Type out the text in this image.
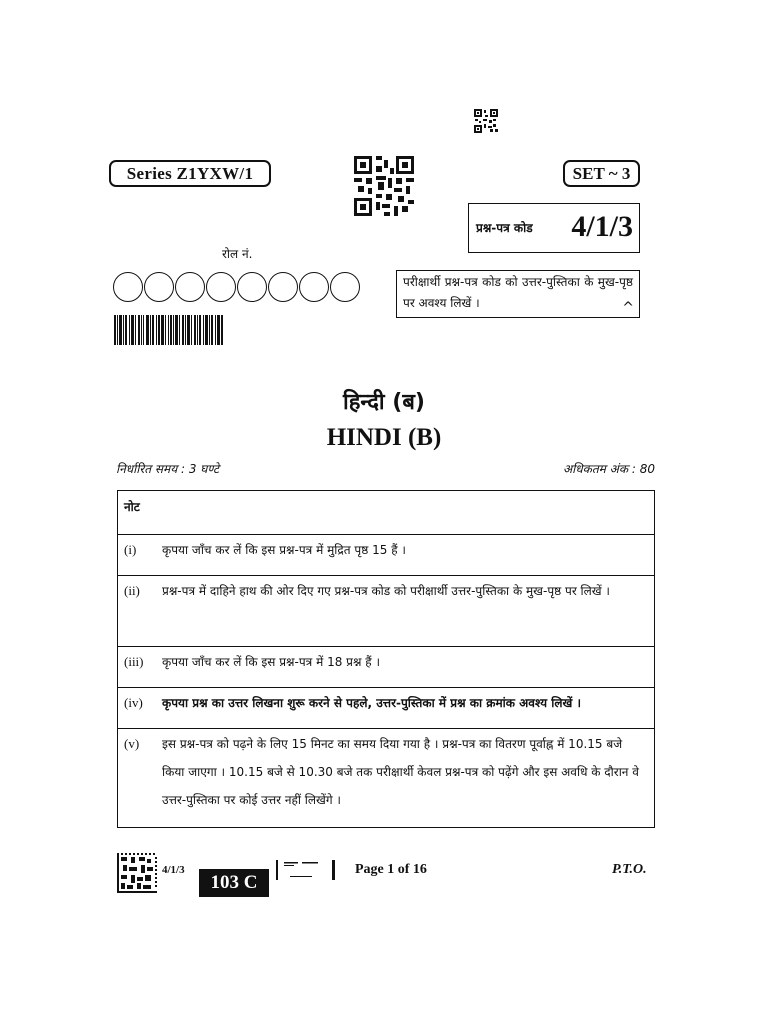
Series Z1YXW/1	SET ~ 3
प्रश्न-पत्र कोड 4/1/3
रोल नं.
परीक्षार्थी प्रश्न-पत्र कोड को उत्तर-पुस्तिका के मुख-पृष्ठ पर अवश्य लिखें ।	^
हिन्दी (ब)
HINDI (B)
निर्धारित समय : 3 घण्टे	अधिकतम अंक : 80
नोट

(i)	कृपया जाँच कर लें कि इस प्रश्न-पत्र में मुद्रित पृष्ठ 15 हैं ।

(ii)	प्रश्न-पत्र में दाहिने हाथ की ओर दिए गए प्रश्न-पत्र कोड को परीक्षार्थी उत्तर-पुस्तिका के मुख-पृष्ठ पर लिखें ।

(iii)	कृपया जाँच कर लें कि इस प्रश्न-पत्र में 18 प्रश्न हैं ।

(iv)	कृपया प्रश्न का उत्तर लिखना शुरू करने से पहले, उत्तर-पुस्तिका में प्रश्न का क्रमांक अवश्य लिखें ।

(v)	इस प्रश्न-पत्र को पढ़ने के लिए 15 मिनट का समय दिया गया है । प्रश्न-पत्र का वितरण पूर्वाह्न में 10.15 बजे किया जाएगा । 10.15 बजे से 10.30 बजे तक परीक्षार्थी केवल प्रश्न-पत्र को पढ़ेंगे और इस अवधि के दौरान वे उत्तर-पुस्तिका पर कोई उत्तर नहीं लिखेंगे ।
4/1/3
103 C
Page 1 of 16	P.T.O.
